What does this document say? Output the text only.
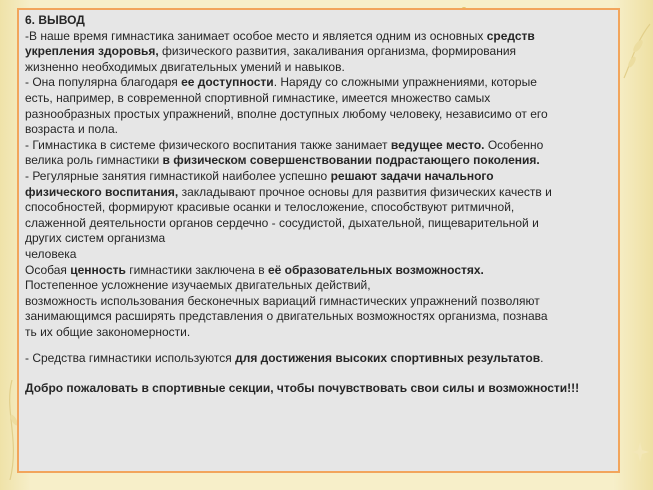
6. ВЫВОД
-В наше время гимнастика занимает особое место и является одним из основных средств
укрепления здоровья, физического развития, закаливания организма, формирования
жизненно необходимых двигательных умений и навыков.
- Она популярна благодаря ее доступности. Наряду со сложными упражнениями, которые
есть, например, в современной спортивной гимнастике, имеется множество самых
разнообразных простых упражнений, вполне доступных любому человеку, независимо от его
возраста и пола.
- Гимнастика в системе физического воспитания также занимает ведущее место. Особенно
велика роль гимнастики в физическом совершенствовании подрастающего поколения.
- Регулярные занятия гимнастикой наиболее успешно решают задачи начального
физического воспитания, закладывают прочное основы для развития физических качеств и
способностей, формируют красивые осанки и телосложение, способствуют ритмичной,
слаженной деятельности органов сердечно - сосудистой, дыхательной, пищеварительной и
других систем организма
человека
Особая ценность гимнастики заключена в её образовательных возможностях.
Постепенное усложнение изучаемых двигательных действий,
возможность использования бесконечных вариаций гимнастических упражнений позволяют
занимающимся расширять представления о двигательных возможностях организма, познава
ть их общие закономерности.
- Средства гимнастики используются для достижения высоких спортивных результатов.
Добро пожаловать в спортивные секции, чтобы почувствовать свои силы и возможности!!!
